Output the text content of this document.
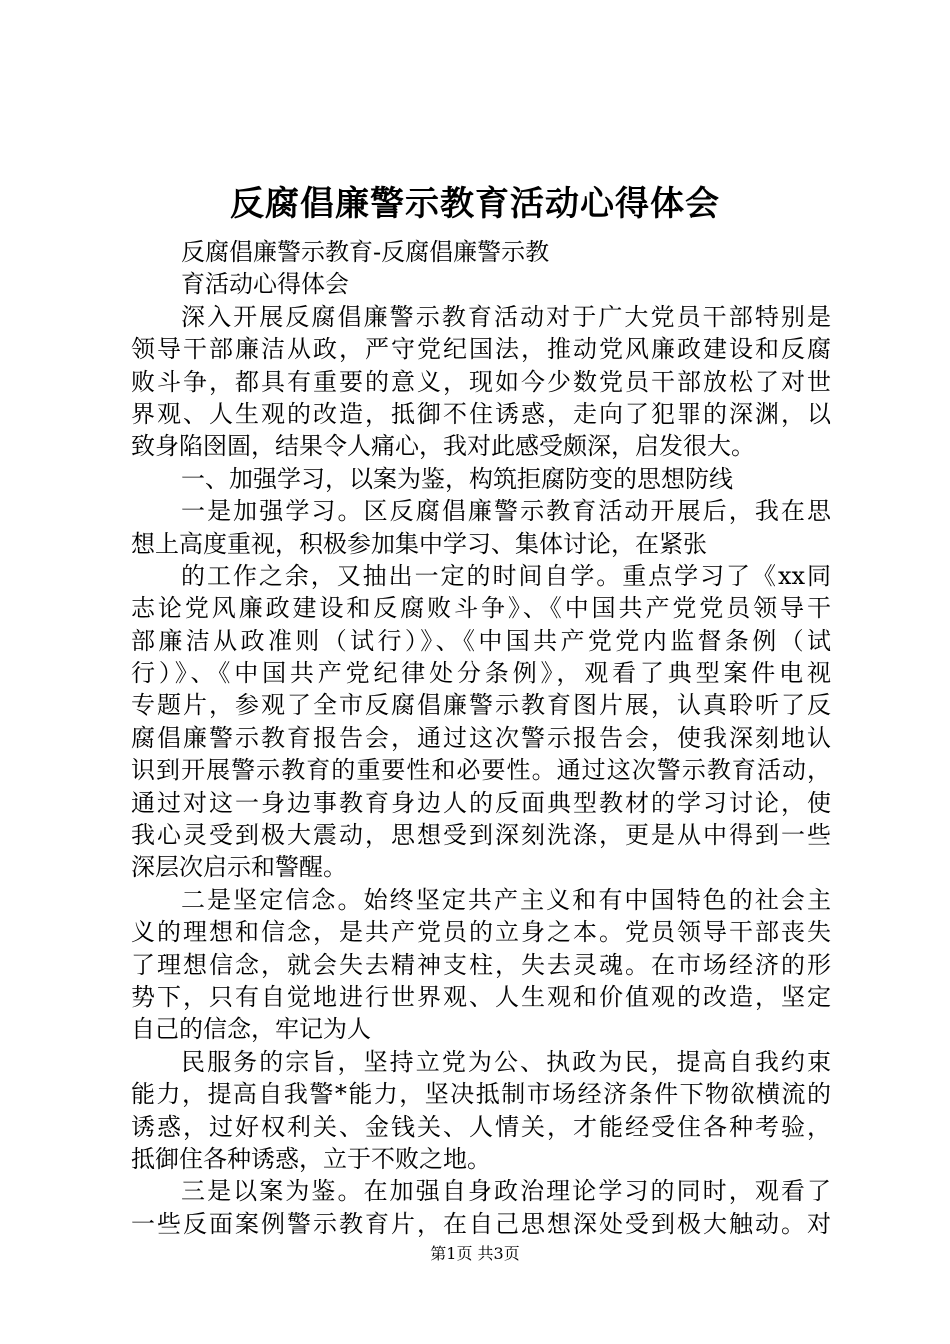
反腐倡廉警示教育活动心得体会
反腐倡廉警示教育-反腐倡廉警示教
育活动心得体会
深入开展反腐倡廉警示教育活动对于广大党员干部特别是
领导干部廉洁从政，严守党纪国法，推动党风廉政建设和反腐
败斗争，都具有重要的意义，现如今少数党员干部放松了对世
界观、人生观的改造，抵御不住诱惑，走向了犯罪的深渊，以
致身陷囹圄，结果令人痛心，我对此感受颇深，启发很大。
一、加强学习，以案为鉴，构筑拒腐防变的思想防线
一是加强学习。区反腐倡廉警示教育活动开展后，我在思
想上高度重视，积极参加集中学习、集体讨论，在紧张
的工作之余，又抽出一定的时间自学。重点学习了《xx同
志论党风廉政建设和反腐败斗争》、《中国共产党党员领导干
部廉洁从政准则（试行）》、《中国共产党党内监督条例（试
行）》、《中国共产党纪律处分条例》，观看了典型案件电视
专题片，参观了全市反腐倡廉警示教育图片展，认真聆听了反
腐倡廉警示教育报告会，通过这次警示报告会，使我深刻地认
识到开展警示教育的重要性和必要性。通过这次警示教育活动，
通过对这一身边事教育身边人的反面典型教材的学习讨论，使
我心灵受到极大震动，思想受到深刻洗涤，更是从中得到一些
深层次启示和警醒。
二是坚定信念。始终坚定共产主义和有中国特色的社会主
义的理想和信念，是共产党员的立身之本。党员领导干部丧失
了理想信念，就会失去精神支柱，失去灵魂。在市场经济的形
势下，只有自觉地进行世界观、人生观和价值观的改造，坚定
自己的信念，牢记为人
民服务的宗旨，坚持立党为公、执政为民，提高自我约束
能力，提高自我警*能力，坚决抵制市场经济条件下物欲横流的
诱惑，过好权利关、金钱关、人情关，才能经受住各种考验，
抵御住各种诱惑，立于不败之地。
三是以案为鉴。在加强自身政治理论学习的同时，观看了
一些反面案例警示教育片，在自己思想深处受到极大触动。对
第1页 共3页
